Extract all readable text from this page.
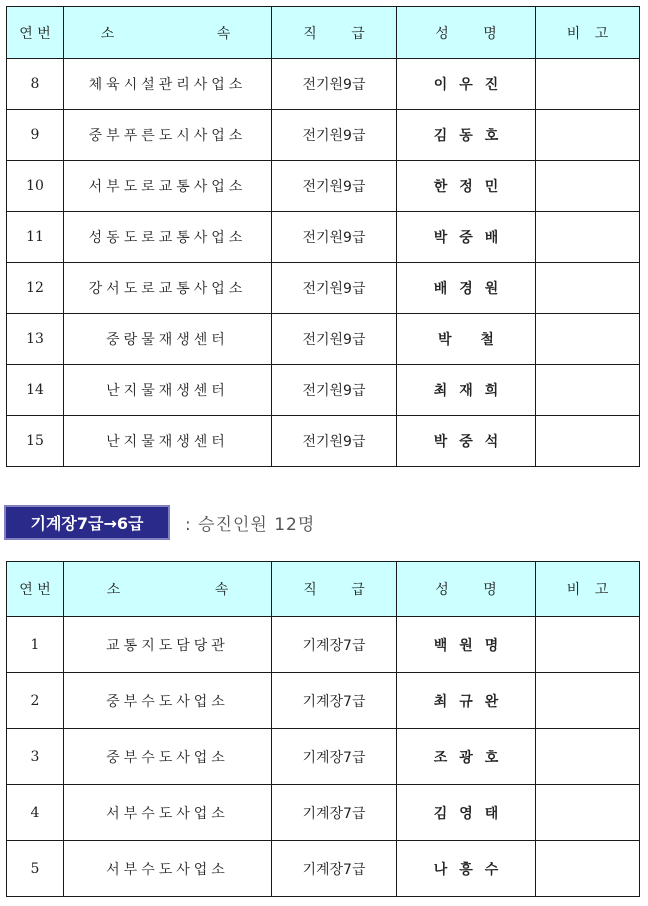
연 번	소 속	직 급	성 명	비 고
8	체육시설관리사업소	전기원9급	이우진	
9	중부푸른도시사업소	전기원9급	김동호	
10	서부도로교통사업소	전기원9급	한정민	
11	성동도로교통사업소	전기원9급	박중배	
12	강서도로교통사업소	전기원9급	배경원	
13	중랑물재생센터	전기원9급	박 철	
14	난지물재생센터	전기원9급	최재희	
15	난지물재생센터	전기원9급	박중석	
기계장7급→6급	: 승진인원 12명
연 번	소 속	직 급	성 명	비 고
1	교통지도담당관	기계장7급	백원명	
2	중부수도사업소	기계장7급	최규완	
3	중부수도사업소	기계장7급	조광호	
4	서부수도사업소	기계장7급	김영태	
5	서부수도사업소	기계장7급	나흥수	
